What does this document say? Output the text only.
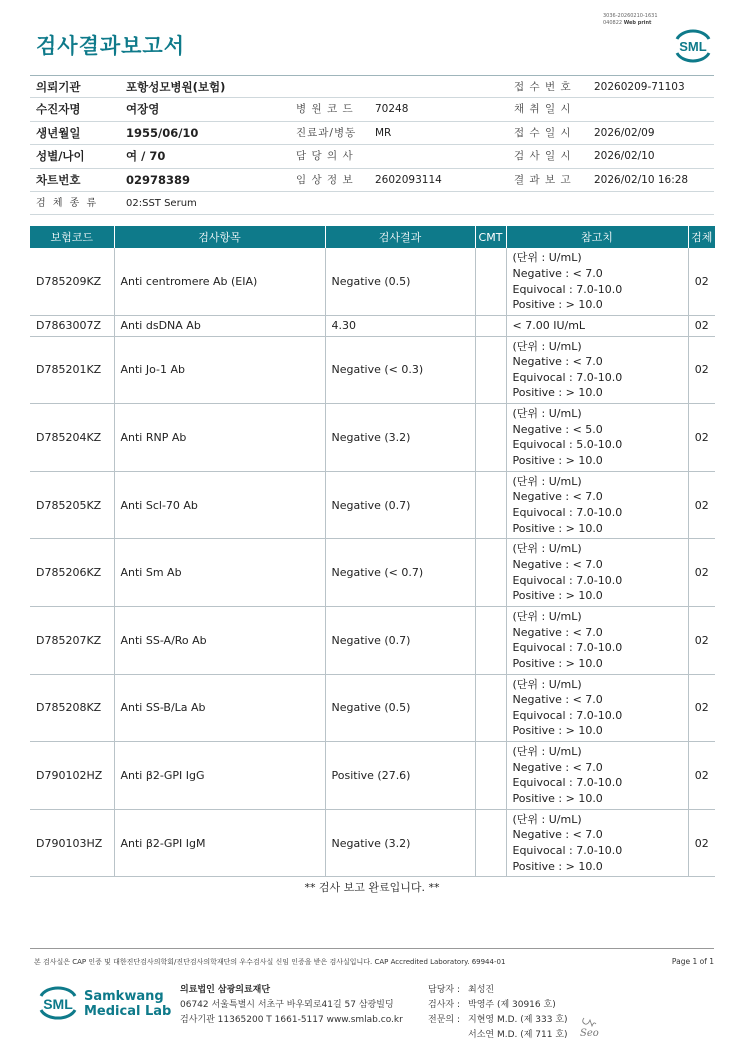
검사결과보고서
3036-20260210-1631
040822 Web print
SML
의뢰기관	포항성모병원(보험)	접 수 번 호 20260209-71103
수진자명	여장영	병 원 코 드 70248	채 취 일 시
생년월일	1955/06/10	진료과/병동 MR	접 수 일 시 2026/02/09
성별/나이	여 / 70	담 당 의 사	검 사 일 시 2026/02/10
차트번호	02978389	임 상 정 보 2602093114	결 과 보 고 2026/02/10 16:28
검 체 종 류	02:SST Serum
보험코드	검사항목	검사결과	CMT	참고치	검체
D785209KZ	Anti centromere Ab (EIA)	Negative (0.5)		(단위 : U/mL)
Negative : < 7.0
Equivocal : 7.0-10.0
Positive : > 10.0	02
D7863007Z	Anti dsDNA Ab	4.30		< 7.00 IU/mL	02
D785201KZ	Anti Jo-1 Ab	Negative (< 0.3)		(단위 : U/mL)
Negative : < 7.0
Equivocal : 7.0-10.0
Positive : > 10.0	02
D785204KZ	Anti RNP Ab	Negative (3.2)		(단위 : U/mL)
Negative : < 5.0
Equivocal : 5.0-10.0
Positive : > 10.0	02
D785205KZ	Anti Scl-70 Ab	Negative (0.7)		(단위 : U/mL)
Negative : < 7.0
Equivocal : 7.0-10.0
Positive : > 10.0	02
D785206KZ	Anti Sm Ab	Negative (< 0.7)		(단위 : U/mL)
Negative : < 7.0
Equivocal : 7.0-10.0
Positive : > 10.0	02
D785207KZ	Anti SS-A/Ro Ab	Negative (0.7)		(단위 : U/mL)
Negative : < 7.0
Equivocal : 7.0-10.0
Positive : > 10.0	02
D785208KZ	Anti SS-B/La Ab	Negative (0.5)		(단위 : U/mL)
Negative : < 7.0
Equivocal : 7.0-10.0
Positive : > 10.0	02
D790102HZ	Anti β2-GPI IgG	Positive (27.6)		(단위 : U/mL)
Negative : < 7.0
Equivocal : 7.0-10.0
Positive : > 10.0	02
D790103HZ	Anti β2-GPI IgM	Negative (3.2)		(단위 : U/mL)
Negative : < 7.0
Equivocal : 7.0-10.0
Positive : > 10.0	02
** 검사 보고 완료입니다. **
본 검사실은 CAP 인증 및 대한진단검사의학회/진단검사의학재단의 우수검사실 신임 인증을 받은 검사실입니다. CAP Accredited Laboratory. 69944-01	Page 1 of 1
SML Samkwang
Medical Lab
의료법인 삼광의료재단
06742 서울특별시 서초구 바우뫼로41길 57 삼광빌딩
검사기관 11365200 T 1661-5117 www.smlab.co.kr
담당자 : 최성진
검사자 : 박영주 (제 30916 호)
전문의 : 지현영 M.D. (제 333 호)
서소연 M.D. (제 711 호) Seo
